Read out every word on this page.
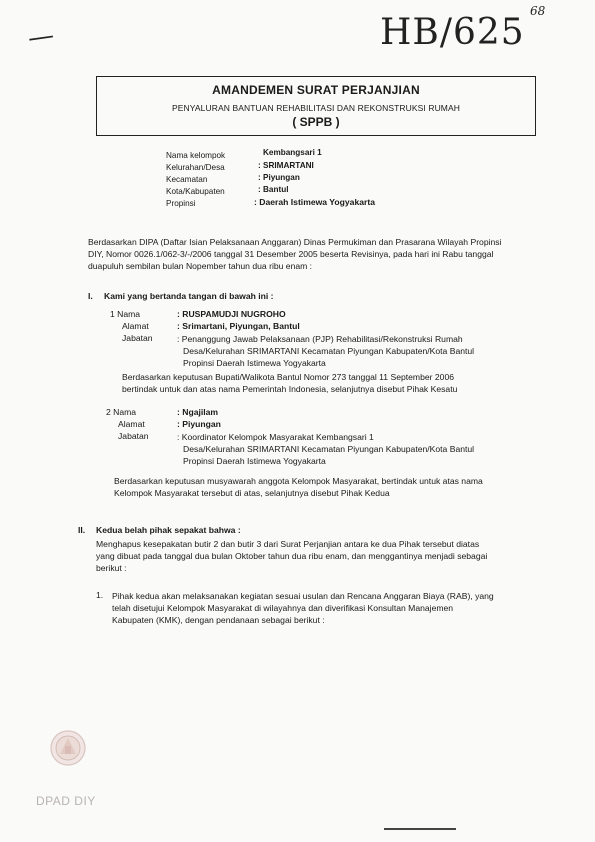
—	HB/625
68
AMANDEMEN SURAT PERJANJIAN
PENYALURAN BANTUAN REHABILITASI DAN REKONSTRUKSI RUMAH
( SPPB )
Nama kelompok	Kembangsari 1
Kelurahan/Desa	: SRIMARTANI
Kecamatan	: Piyungan
Kota/Kabupaten	: Bantul
Propinsi	: Daerah Istimewa Yogyakarta
Berdasarkan DIPA (Daftar Isian Pelaksanaan Anggaran) Dinas Permukiman dan Prasarana Wilayah Propinsi
DIY, Nomor 0026.1/062-3/-/2006 tanggal 31 Desember 2005 beserta Revisinya, pada hari ini Rabu tanggal
duapuluh sembilan bulan Nopember tahun dua ribu enam :
I. Kami yang bertanda tangan di bawah ini :
1 Nama	: RUSPAMUDJI NUGROHO
Alamat	: Srimartani, Piyungan, Bantul
Jabatan	: Penanggung Jawab Pelaksanaan (PJP) Rehabilitasi/Rekonstruksi Rumah
Desa/Kelurahan SRIMARTANI Kecamatan Piyungan Kabupaten/Kota Bantul
Propinsi Daerah Istimewa Yogyakarta
Berdasarkan keputusan Bupati/Walikota Bantul Nomor 273 tanggal 11 September 2006
bertindak untuk dan atas nama Pemerintah Indonesia, selanjutnya disebut Pihak Kesatu
2 Nama	: Ngajilam
Alamat	: Piyungan
Jabatan	: Koordinator Kelompok Masyarakat Kembangsari 1
Desa/Kelurahan SRIMARTANI Kecamatan Piyungan Kabupaten/Kota Bantul
Propinsi Daerah Istimewa Yogyakarta
Berdasarkan keputusan musyawarah anggota Kelompok Masyarakat, bertindak untuk atas nama
Kelompok Masyarakat tersebut di atas, selanjutnya disebut Pihak Kedua
II. Kedua belah pihak sepakat bahwa :
Menghapus kesepakatan butir 2 dan butir 3 dari Surat Perjanjian antara ke dua Pihak tersebut diatas
yang dibuat pada tanggal dua bulan Oktober tahun dua ribu enam, dan menggantinya menjadi sebagai
berikut :
1. Pihak kedua akan melaksanakan kegiatan sesuai usulan dan Rencana Anggaran Biaya (RAB), yang
telah disetujui Kelompok Masyarakat di wilayahnya dan diverifikasi Konsultan Manajemen
Kabupaten (KMK), dengan pendanaan sebagai berikut :
DPAD DIY
